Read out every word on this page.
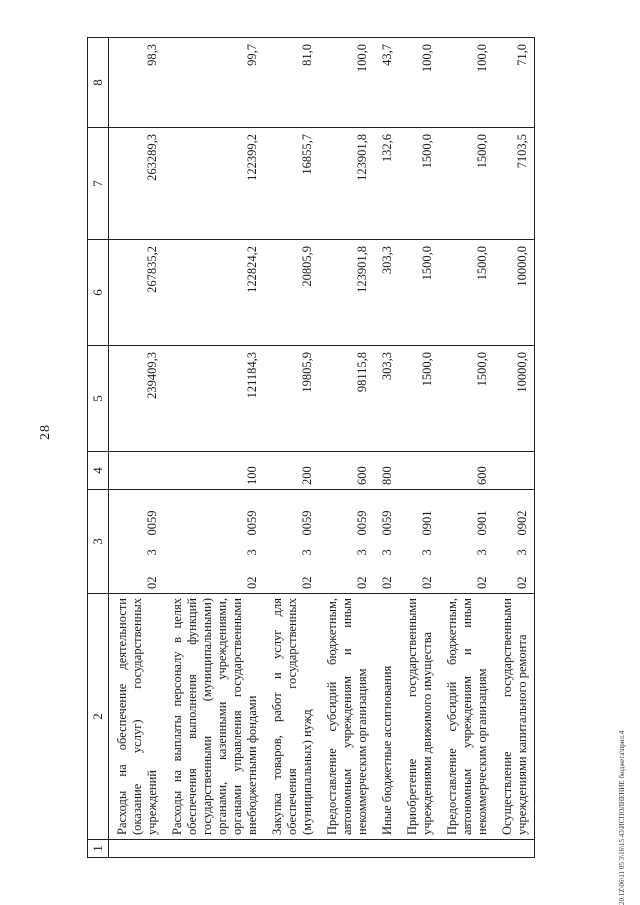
28
1	2	3			4	5	6	7	8
	Расходы на обеспечение деятельности (оказание услуг) государственных учреждений	02	3	0059		239409,3	267835,2	263289,3	98,3
	Расходы на выплаты персоналу в целях обеспечения выполнения функций государственными (муниципальными) органами, казенными учреждениями, органами управления государственными внебюджетными фондами	02	3	0059	100	121184,3	122824,2	122399,2	99,7
	Закупка товаров, работ и услуг для обеспечения государственных (муниципальных) нужд	02	3	0059	200	19805,9	20805,9	16855,7	81,0
	Предоставление субсидий бюджетным, автономным учреждениям и иным некоммерческим организациям	02	3	0059	600	98115,8	123901,8	123901,8	100,0
	Иные бюджетные ассигнования	02	3	0059	800	303,3	303,3	132,6	43,7
	Приобретение государственными учреждениями движимого имущества	02	3	0901		1500,0	1500,0	1500,0	100,0
	Предоставление субсидий бюджетным, автономным учреждениям и иным некоммерческим организациям	02	3	0901	600	1500,0	1500,0	1500,0	100,0
	Осуществление государственными учреждениями капитального ремонта	02	3	0902		10000,0	10000,0	7103,5	71,0
20.1Z\06\11 05 3\16\15 43\ИСПОЛНЕНИЕ бюджета\прил.4
